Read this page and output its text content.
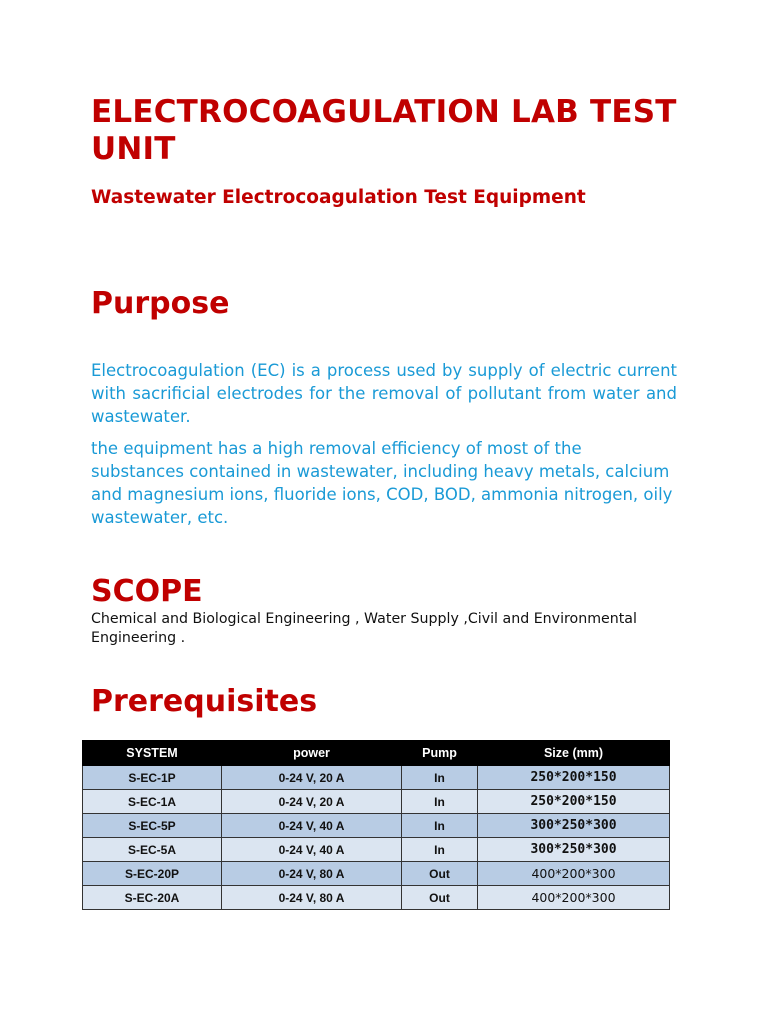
ELECTROCOAGULATION LAB TEST UNIT
Wastewater Electrocoagulation Test Equipment
Purpose

Electrocoagulation (EC) is a process used by supply of electric current with sacrificial electrodes for the removal of pollutant from water and wastewater.

the equipment has a high removal efficiency of most of the substances contained in wastewater, including heavy metals, calcium and magnesium ions, fluoride ions, COD, BOD, ammonia nitrogen, oily wastewater, etc.

SCOPE

Chemical and Biological Engineering , Water Supply ,Civil and Environmental Engineering .

Prerequisites
SYSTEM	power	Pump	Size (mm)
S-EC-1P	0-24 V, 20 A	In	250*200*150
S-EC-1A	0-24 V, 20 A	In	250*200*150
S-EC-5P	0-24 V, 40 A	In	300*250*300
S-EC-5A	0-24 V, 40 A	In	300*250*300
S-EC-20P	0-24 V, 80 A	Out	400*200*300
S-EC-20A	0-24 V, 80 A	Out	400*200*300
